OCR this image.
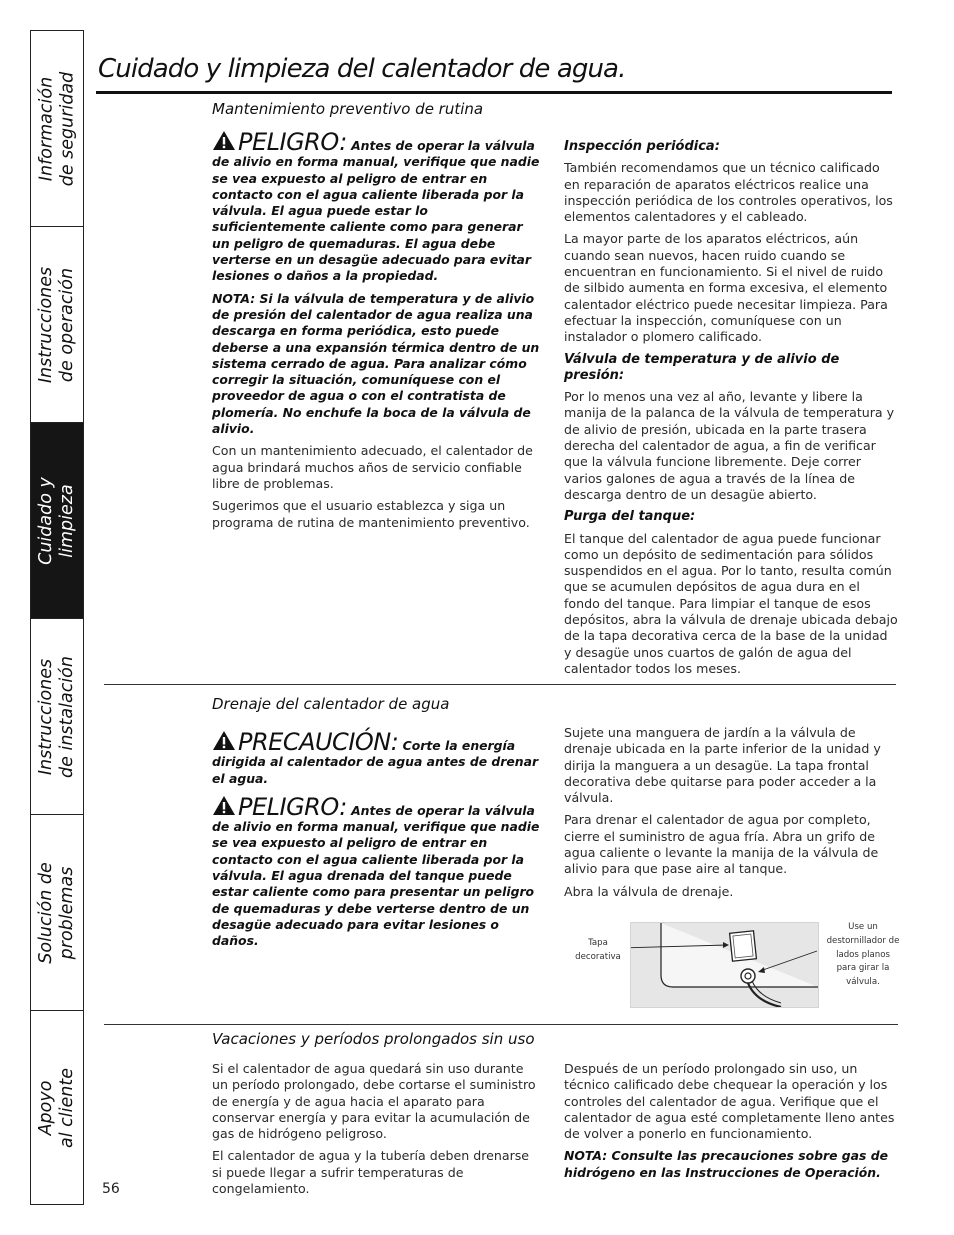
Información
de seguridad
Instrucciones
de operación
Cuidado y
limpieza
Instrucciones
de instalación
Solución de
problemas
Apoyo
al cliente
56
Cuidado y limpieza del calentador de agua.
Mantenimiento preventivo de rutina

PELIGRO: Antes de operar la válvula de alivio en forma manual, verifique que nadie se vea expuesto al peligro de entrar en contacto con el agua caliente liberada por la válvula. El agua puede estar lo suficientemente caliente como para generar un peligro de quemaduras. El agua debe verterse en un desagüe adecuado para evitar lesiones o daños a la propiedad.

NOTA: Si la válvula de temperatura y de alivio de presión del calentador de agua realiza una descarga en forma periódica, esto puede deberse a una expansión térmica dentro de un sistema cerrado de agua. Para analizar cómo corregir la situación, comuníquese con el proveedor de agua o con el contratista de plomería. No enchufe la boca de la válvula de alivio.

Con un mantenimiento adecuado, el calentador de agua brindará muchos años de servicio confiable libre de problemas.

Sugerimos que el usuario establezca y siga un programa de rutina de mantenimiento preventivo.

Inspección periódica:

También recomendamos que un técnico calificado en reparación de aparatos eléctricos realice una inspección periódica de los controles operativos, los elementos calentadores y el cableado.

La mayor parte de los aparatos eléctricos, aún cuando sean nuevos, hacen ruido cuando se encuentran en funcionamiento. Si el nivel de ruido de silbido aumenta en forma excesiva, el elemento calentador eléctrico puede necesitar limpieza. Para efectuar la inspección, comuníquese con un instalador o plomero calificado.

Válvula de temperatura y de alivio de presión:

Por lo menos una vez al año, levante y libere la manija de la palanca de la válvula de temperatura y de alivio de presión, ubicada en la parte trasera derecha del calentador de agua, a fin de verificar que la válvula funcione libremente. Deje correr varios galones de agua a través de la línea de descarga dentro de un desagüe abierto.

Purga del tanque:

El tanque del calentador de agua puede funcionar como un depósito de sedimentación para sólidos suspendidos en el agua. Por lo tanto, resulta común que se acumulen depósitos de agua dura en el fondo del tanque. Para limpiar el tanque de esos depósitos, abra la válvula de drenaje ubicada debajo de la tapa decorativa cerca de la base de la unidad y desagüe unos cuartos de galón de agua del calentador todos los meses.

Drenaje del calentador de agua

PRECAUCIÓN: Corte la energía dirigida al calentador de agua antes de drenar el agua.

PELIGRO: Antes de operar la válvula de alivio en forma manual, verifique que nadie se vea expuesto al peligro de entrar en contacto con el agua caliente liberada por la válvula. El agua drenada del tanque puede estar caliente como para presentar un peligro de quemaduras y debe verterse dentro de un desagüe adecuado para evitar lesiones o daños.

Sujete una manguera de jardín a la válvula de drenaje ubicada en la parte inferior de la unidad y dirija la manguera a un desagüe. La tapa frontal decorativa debe quitarse para poder acceder a la válvula.

Para drenar el calentador de agua por completo, cierre el suministro de agua fría. Abra un grifo de agua caliente o levante la manija de la válvula de alivio para que pase aire al tanque.

Abra la válvula de drenaje.

Tapa decorativa
Use un destornillador de lados planos para girar la válvula.
Vacaciones y períodos prolongados sin uso

Si el calentador de agua quedará sin uso durante un período prolongado, debe cortarse el suministro de energía y de agua hacia el aparato para conservar energía y para evitar la acumulación de gas de hidrógeno peligroso.

El calentador de agua y la tubería deben drenarse si puede llegar a sufrir temperaturas de congelamiento.

Después de un período prolongado sin uso, un técnico calificado debe chequear la operación y los controles del calentador de agua. Verifique que el calentador de agua esté completamente lleno antes de volver a ponerlo en funcionamiento.

NOTA: Consulte las precauciones sobre gas de hidrógeno en las Instrucciones de Operación.
